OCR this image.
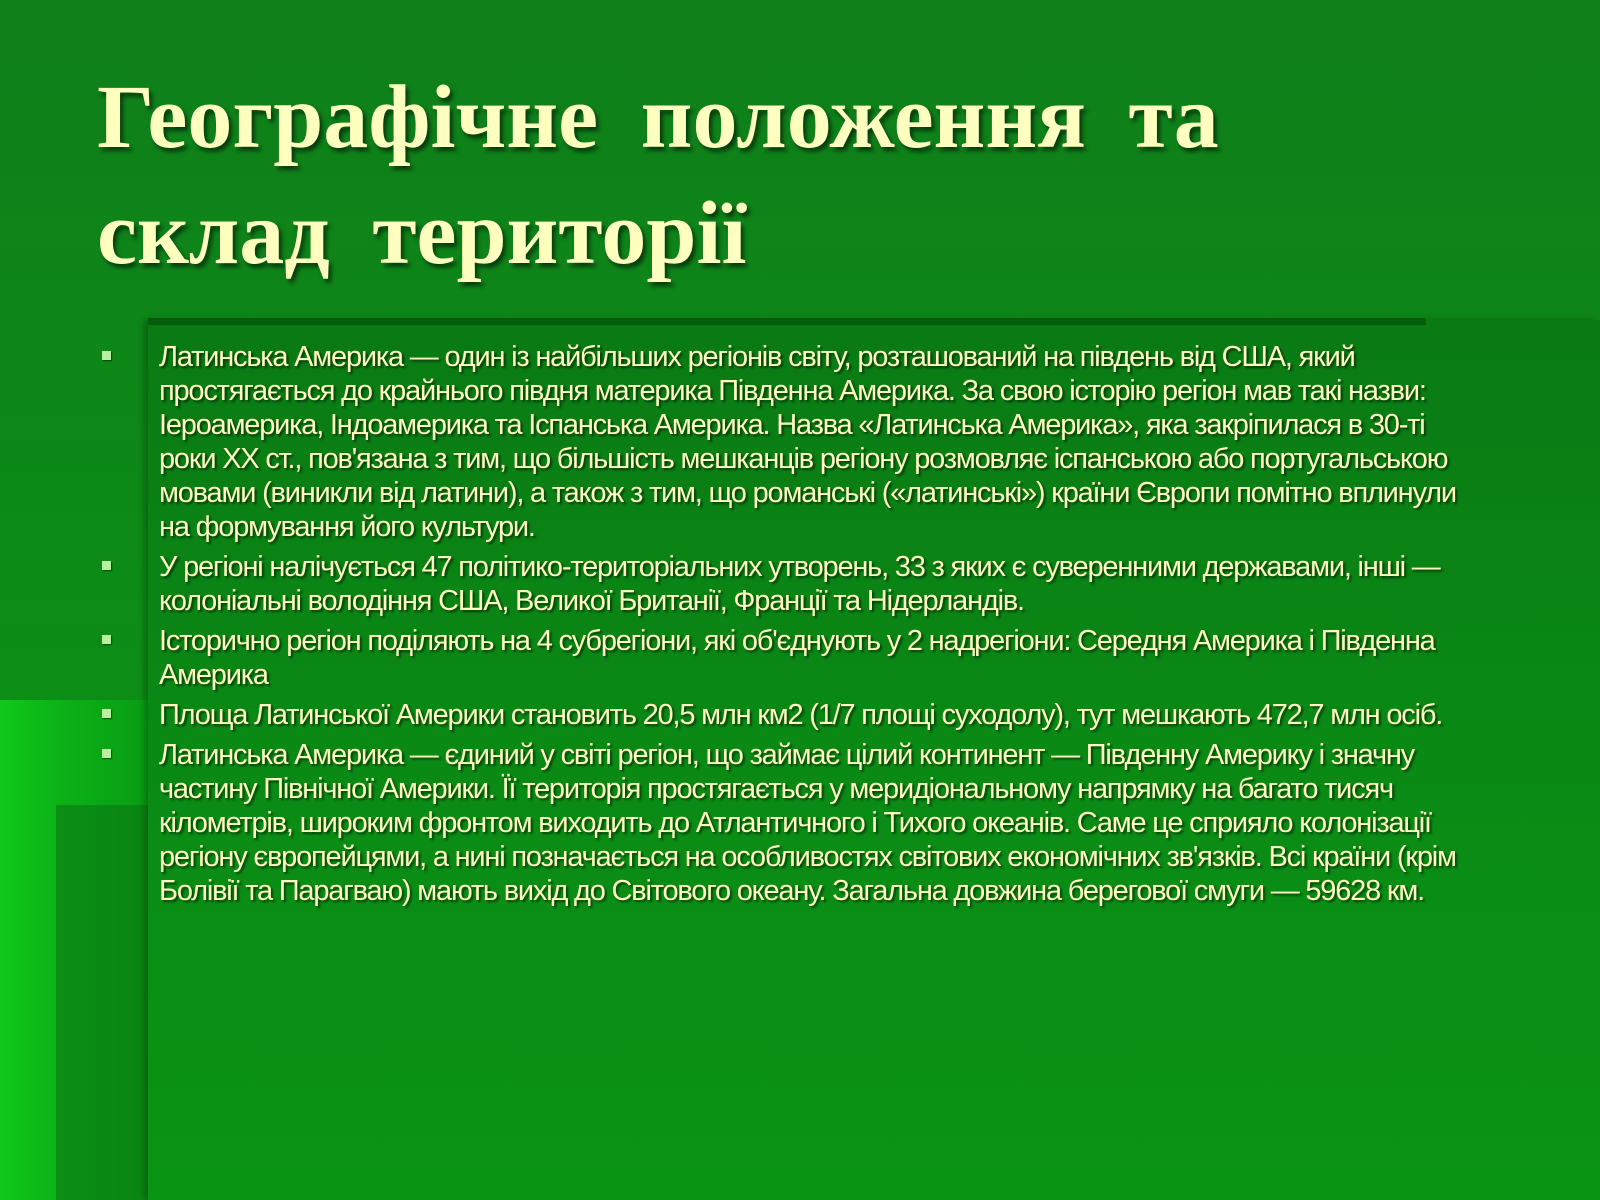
Географічне положення та
склад території
Латинська Америка — один із найбільших регіонів світу, розташований на південь від США, який простягається до крайнього півдня материка Південна Америка. За свою історію регіон мав такі назви: Іероамерика, Індоамерика та Іспанська Америка. Назва «Латинська Америка», яка закріпилася в 30-ті роки XX ст., пов'язана з тим, що більшість мешканців регіону розмовляє іспанською або португальською мовами (виникли від латини), а також з тим, що романські («латинські») країни Європи помітно вплинули на формування його культури.
У регіоні налічується 47 політико-територіальних утворень, 33 з яких є суверенними державами, інші — колоніальні володіння США, Великої Британії, Франції та Нідерландів.
Історично регіон поділяють на 4 субрегіони, які об'єднують у 2 надрегіони: Середня Америка і Південна Америка
Площа Латинської Америки становить 20,5 млн км2 (1/7 площі суходолу), тут мешкають 472,7 млн осіб.
Латинська Америка — єдиний у світі регіон, що займає цілий континент — Південну Америку і значну частину Північної Америки. Її територія простягається у меридіональному напрямку на багато тисяч кілометрів, широким фронтом виходить до Атлантичного і Тихого океанів. Саме це сприяло колонізації регіону європейцями, а нині позначається на особливостях світових економічних зв'язків. Всі країни (крім Болівії та Парагваю) мають вихід до Світового океану. Загальна довжина берегової смуги — 59628 км.
